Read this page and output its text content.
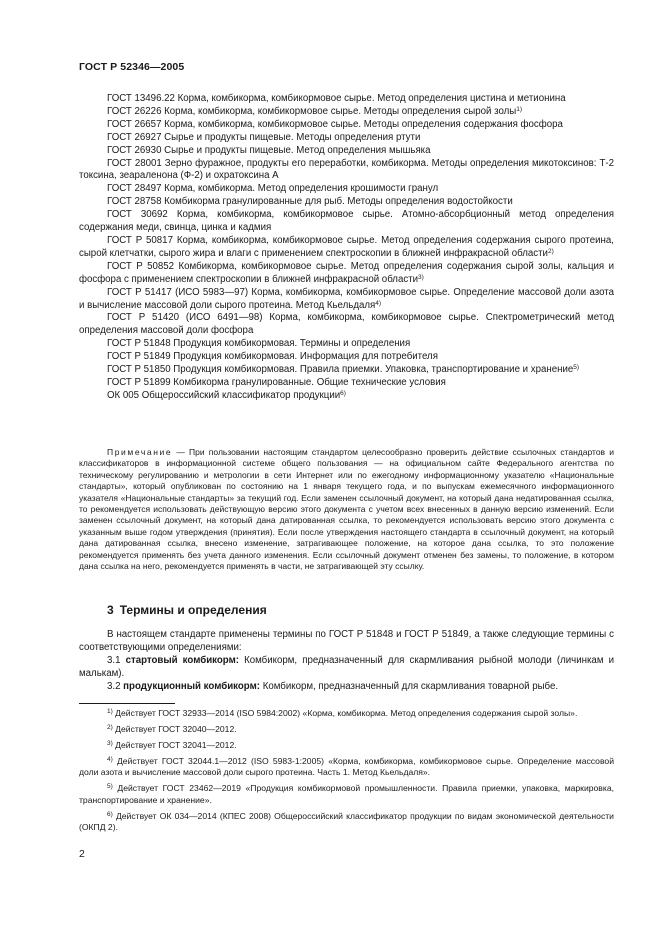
ГОСТ Р 52346—2005

ГОСТ 13496.22 Корма, комбикорма, комбикормовое сырье. Метод определения цистина и метионина

ГОСТ 26226 Корма, комбикорма, комбикормовое сырье. Методы определения сырой золы$^{1)}$

ГОСТ 26657 Корма, комбикорма, комбикормовое сырье. Методы определения содержания фосфора

ГОСТ 26927 Сырье и продукты пищевые. Методы определения ртути

ГОСТ 26930 Сырье и продукты пищевые. Метод определения мышьяка

ГОСТ 28001 Зерно фуражное, продукты его переработки, комбикорма. Методы определения микотоксинов: Т-2 токсина, зеараленона (Ф-2) и охратоксина А

ГОСТ 28497 Корма, комбикорма. Метод определения крошимости гранул

ГОСТ 28758 Комбикорма гранулированные для рыб. Методы определения водостойкости

ГОСТ 30692 Корма, комбикорма, комбикормовое сырье. Атомно-абсорбционный метод определения содержания меди, свинца, цинка и кадмия

ГОСТ Р 50817 Корма, комбикорма, комбикормовое сырье. Метод определения содержания сырого протеина, сырой клетчатки, сырого жира и влаги с применением спектроскопии в ближней инфракрасной области$^{2)}$

ГОСТ Р 50852 Комбикорма, комбикормовое сырье. Метод определения содержания сырой золы, кальция и фосфора с применением спектроскопии в ближней инфракрасной области$^{3)}$

ГОСТ Р 51417 (ИСО 5983—97) Корма, комбикорма, комбикормовое сырье. Определение массовой доли азота и вычисление массовой доли сырого протеина. Метод Кьельдаля$^{4)}$

ГОСТ Р 51420 (ИСО 6491—98) Корма, комбикорма, комбикормовое сырье. Спектрометрический метод определения массовой доли фосфора

ГОСТ Р 51848 Продукция комбикормовая. Термины и определения

ГОСТ Р 51849 Продукция комбикормовая. Информация для потребителя

ГОСТ Р 51850 Продукция комбикормовая. Правила приемки. Упаковка, транспортирование и хранение$^{5)}$

ГОСТ Р 51899 Комбикорма гранулированные. Общие технические условия

ОК 005 Общероссийский классификатор продукции$^{6)}$

Примечание — При пользовании настоящим стандартом целесообразно проверить действие ссылочных стандартов и классификаторов в информационной системе общего пользования — на официальном сайте Федерального агентства по техническому регулированию и метрологии в сети Интернет или по ежегодному информационному указателю «Национальные стандарты», который опубликован по состоянию на 1 января текущего года, и по выпускам ежемесячного информационного указателя «Национальные стандарты» за текущий год. Если заменен ссылочный документ, на который дана недатированная ссылка, то рекомендуется использовать действующую версию этого документа с учетом всех внесенных в данную версию изменений. Если заменен ссылочный документ, на который дана датированная ссылка, то рекомендуется использовать версию этого документа с указанным выше годом утверждения (принятия). Если после утверждения настоящего стандарта в ссылочный документ, на который дана датированная ссылка, внесено изменение, затрагивающее положение, на которое дана ссылка, то это положение рекомендуется применять без учета данного изменения. Если ссылочный документ отменен без замены, то положение, в котором дана ссылка на него, рекомендуется применять в части, не затрагивающей эту ссылку.

3 Термины и определения

В настоящем стандарте применены термины по ГОСТ Р 51848 и ГОСТ Р 51849, а также следующие термины с соответствующими определениями:

3.1 стартовый комбикорм: Комбикорм, предназначенный для скармливания рыбной молоди (личинкам и малькам).

3.2 продукционный комбикорм: Комбикорм, предназначенный для скармливания товарной рыбе.

$^{1)}$ Действует ГОСТ 32933—2014 (ISO 5984:2002) «Корма, комбикорма. Метод определения содержания сырой золы».

$^{2)}$ Действует ГОСТ 32040—2012.

$^{3)}$ Действует ГОСТ 32041—2012.

$^{4)}$ Действует ГОСТ 32044.1—2012 (ISO 5983-1:2005) «Корма, комбикорма, комбикормовое сырье. Определение массовой доли азота и вычисление массовой доли сырого протеина. Часть 1. Метод Кьельдаля».

$^{5)}$ Действует ГОСТ 23462—2019 «Продукция комбикормовой промышленности. Правила приемки, упаковка, маркировка, транспортирование и хранение».

$^{6)}$ Действует ОК 034—2014 (КПЕС 2008) Общероссийский классификатор продукции по видам экономической деятельности (ОКПД 2).

2
